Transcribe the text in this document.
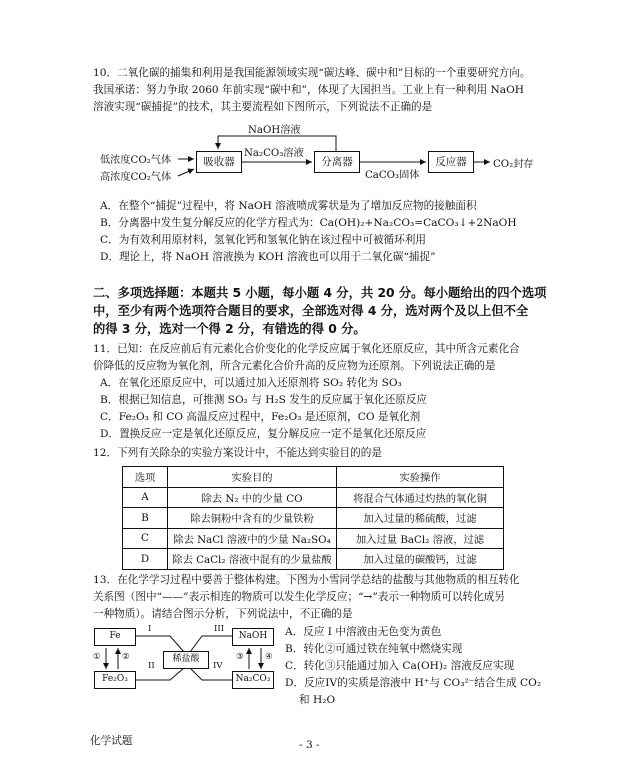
10．二氧化碳的捕集和利用是我国能源领域实现“碳达峰、碳中和”目标的一个重要研究方向。
我国承诺：努力争取 2060 年前实现“碳中和”，体现了大国担当。工业上有一种利用 NaOH
溶液实现“碳捕捉”的技术，其主要流程如下图所示，下列说法不正确的是
低浓度CO₂气体
高浓度CO₂气体
吸收器
Na₂CO₃溶液
NaOH溶液
分离器
CaCO₃固体
反应器	CO₂封存
A．在整个“捕捉”过程中，将 NaOH 溶液喷成雾状是为了增加反应物的接触面积
B．分离器中发生复分解反应的化学方程式为：Ca(OH)₂+Na₂CO₃=CaCO₃↓+2NaOH
C．为有效利用原材料，氢氧化钙和氢氧化钠在该过程中可被循环利用
D．理论上，将 NaOH 溶液换为 KOH 溶液也可以用于二氧化碳“捕捉”
二、多项选择题：本题共 5 小题，每小题 4 分，共 20 分。每小题给出的四个选项
中，至少有两个选项符合题目的要求，全部选对得 4 分，选对两个及以上但不全
的得 3 分，选对一个得 2 分，有错选的得 0 分。
11．已知：在反应前后有元素化合价变化的化学反应属于氧化还原反应，其中所含元素化合
价降低的反应物为氧化剂，所含元素化合价升高的反应物为还原剂。下列说法正确的是
A．在氧化还原反应中，可以通过加入还原剂将 SO₂ 转化为 SO₃
B．根据已知信息，可推测 SO₂ 与 H₂S 发生的反应属于氧化还原反应
C．Fe₂O₃ 和 CO 高温反应过程中，Fe₂O₃ 是还原剂，CO 是氧化剂
D．置换反应一定是氧化还原反应，复分解反应一定不是氧化还原反应
12．下列有关除杂的实验方案设计中，不能达到实验目的的是
选项	实验目的	实验操作
A	除去 N₂ 中的少量 CO	将混合气体通过灼热的氧化铜
B	除去铜粉中含有的少量铁粉	加入过量的稀硫酸，过滤
C	除去 NaCl 溶液中的少量 Na₂SO₄	加入过量 BaCl₂ 溶液，过滤
D	除去 CaCl₂ 溶液中混有的少量盐酸	加入过量的碳酸钙，过滤
13．在化学学习过程中要善于整体构建。下图为小雪同学总结的盐酸与其他物质的相互转化
关系图（图中“——”表示相连的物质可以发生化学反应；“→”表示一种物质可以转化成另
一种物质）。请结合图示分析，下列说法中，不正确的是
Fe
Fe₂O₃
NaOH
Na₂CO₃
稀盐酸
I
II
III
IV
①	②	③	④
A．反应 I 中溶液由无色变为黄色
B．转化②可通过铁在纯氧中燃烧实现
C．转化③只能通过加入 Ca(OH)₂ 溶液反应实现
D．反应IV的实质是溶液中 H⁺与 CO₃²⁻结合生成 CO₂
和 H₂O
化学试题	- 3 -
